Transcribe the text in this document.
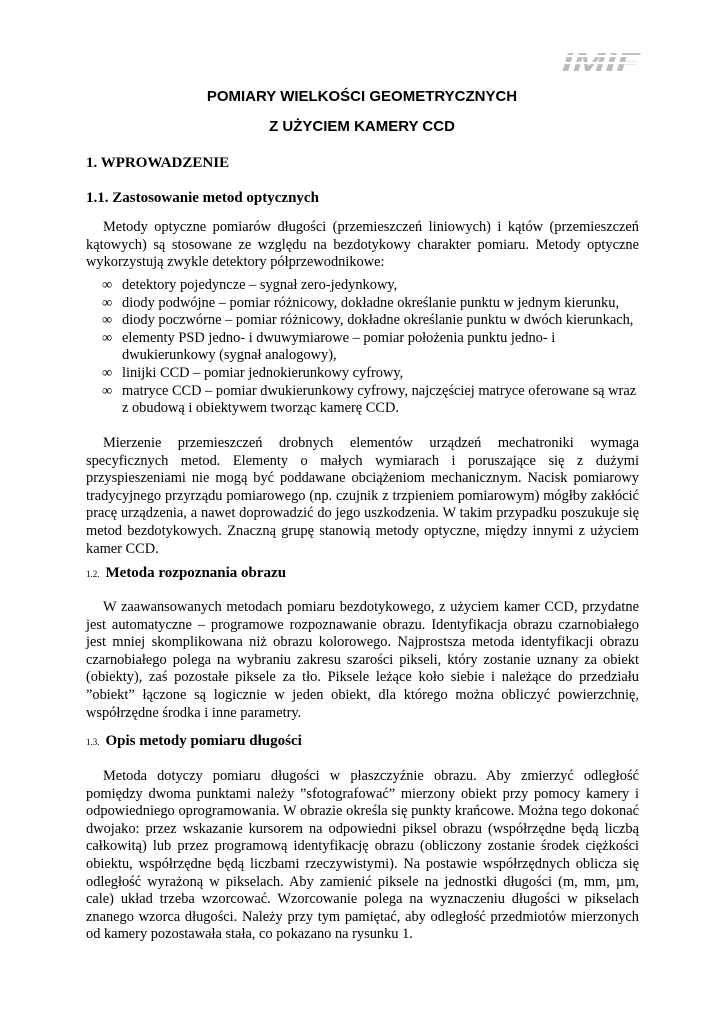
IMIF
POMIARY WIELKOŚCI GEOMETRYCZNYCH
Z UŻYCIEM KAMERY CCD
1. WPROWADZENIE
1.1. Zastosowanie metod optycznych

Metody optyczne pomiarów długości (przemieszczeń liniowych) i kątów (przemieszczeń kątowych) są stosowane ze względu na bezdotykowy charakter pomiaru. Metody optyczne wykorzystują zwykle detektory półprzewodnikowe:

∞ detektory pojedyncze – sygnał zero-jedynkowy,
∞ diody podwójne – pomiar różnicowy, dokładne określanie punktu w jednym kierunku,
∞ diody poczwórne – pomiar różnicowy, dokładne określanie punktu w dwóch kierunkach,
∞ elementy PSD jedno- i dwuwymiarowe – pomiar położenia punktu jedno- i dwukierunkowy (sygnał analogowy),
∞ linijki CCD – pomiar jednokierunkowy cyfrowy,
∞ matryce CCD – pomiar dwukierunkowy cyfrowy, najczęściej matryce oferowane są wraz z obudową i obiektywem tworząc kamerę CCD.

Mierzenie przemieszczeń drobnych elementów urządzeń mechatroniki wymaga specyficznych metod. Elementy o małych wymiarach i poruszające się z dużymi przyspieszeniami nie mogą być poddawane obciążeniom mechanicznym. Nacisk pomiarowy tradycyjnego przyrządu pomiarowego (np. czujnik z trzpieniem pomiarowym) mógłby zakłócić pracę urządzenia, a nawet doprowadzić do jego uszkodzenia. W takim przypadku poszukuje się metod bezdotykowych. Znaczną grupę stanowią metody optyczne, między innymi z użyciem kamer CCD.

1.2. Metoda rozpoznania obrazu

W zaawansowanych metodach pomiaru bezdotykowego, z użyciem kamer CCD, przydatne jest automatyczne – programowe rozpoznawanie obrazu. Identyfikacja obrazu czarnobiałego jest mniej skomplikowana niż obrazu kolorowego. Najprostsza metoda identyfikacji obrazu czarnobiałego polega na wybraniu zakresu szarości pikseli, który zostanie uznany za obiekt (obiekty), zaś pozostałe piksele za tło. Piksele leżące koło siebie i należące do przedziału ”obiekt” łączone są logicznie w jeden obiekt, dla którego można obliczyć powierzchnię, współrzędne środka i inne parametry.

1.3. Opis metody pomiaru długości

Metoda dotyczy pomiaru długości w płaszczyźnie obrazu. Aby zmierzyć odległość pomiędzy dwoma punktami należy ”sfotografować” mierzony obiekt przy pomocy kamery i odpowiedniego oprogramowania. W obrazie określa się punkty krańcowe. Można tego dokonać dwojako: przez wskazanie kursorem na odpowiedni piksel obrazu (współrzędne będą liczbą całkowitą) lub przez programową identyfikację obrazu (obliczony zostanie środek ciężkości obiektu, współrzędne będą liczbami rzeczywistymi). Na postawie współrzędnych oblicza się odległość wyrażoną w pikselach. Aby zamienić piksele na jednostki długości (m, mm, µm, cale) układ trzeba wzorcować. Wzorcowanie polega na wyznaczeniu długości w pikselach znanego wzorca długości. Należy przy tym pamiętać, aby odległość przedmiotów mierzonych od kamery pozostawała stała, co pokazano na rysunku 1.
